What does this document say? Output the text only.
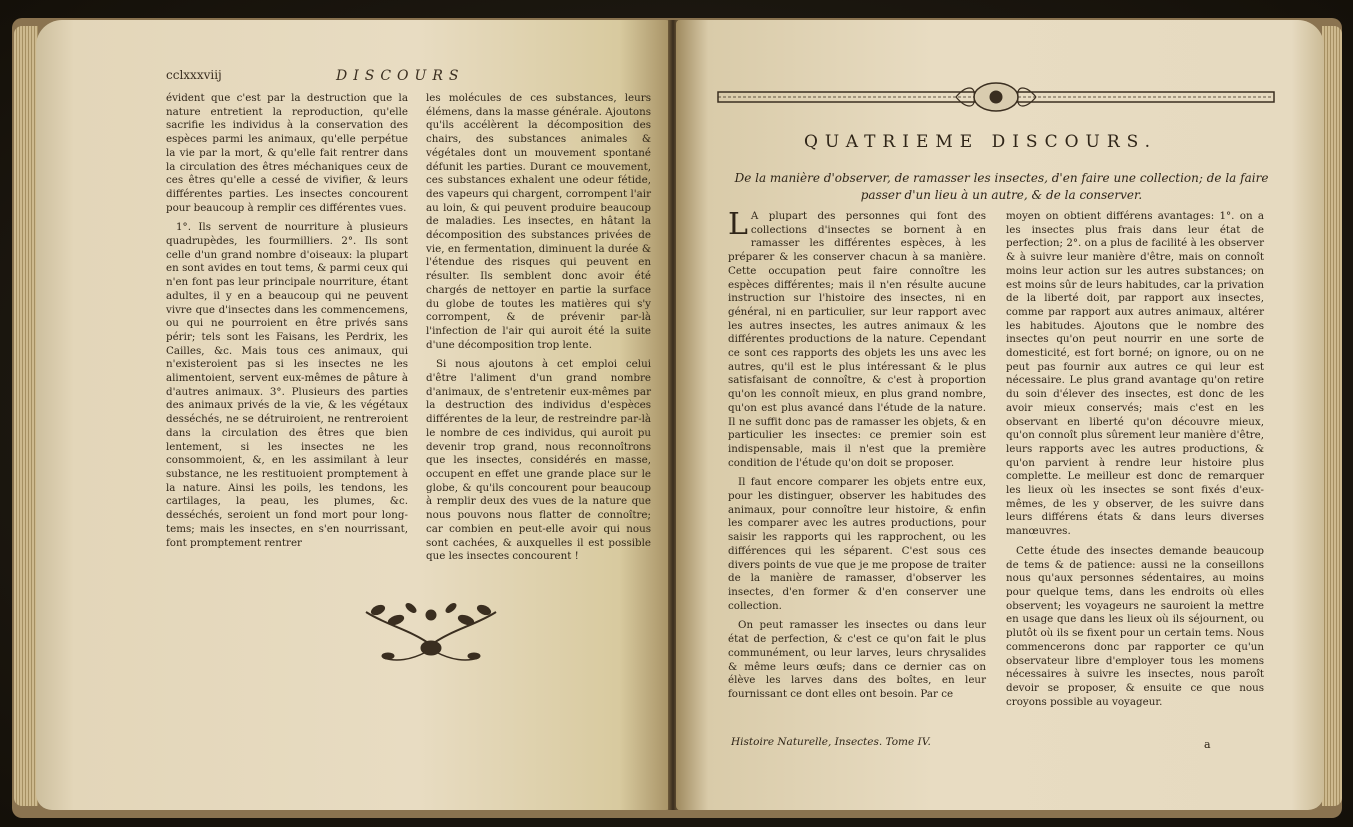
cclxxxviij	DISCOURS

évident que c'est par la destruction que la nature entretient la reproduction, qu'elle sacrifie les individus à la conservation des espèces parmi les animaux, qu'elle perpétue la vie par la mort, & qu'elle fait rentrer dans la circulation des êtres méchaniques ceux de ces êtres qu'elle a cessé de vivifier, & leurs différentes parties. Les insectes concourent pour beaucoup à remplir ces différentes vues.

1°. Ils servent de nourriture à plusieurs quadrupèdes, les fourmilliers. 2°. Ils sont celle d'un grand nombre d'oiseaux: la plupart en sont avides en tout tems, & parmi ceux qui n'en font pas leur principale nourriture, étant adultes, il y en a beaucoup qui ne peuvent vivre que d'insectes dans les commencemens, ou qui ne pourroient en être privés sans périr; tels sont les Faisans, les Perdrix, les Cailles, &c. Mais tous ces animaux, qui n'existeroient pas si les insectes ne les alimentoient, servent eux-mêmes de pâture à d'autres animaux. 3°. Plusieurs des parties des animaux privés de la vie, & les végétaux desséchés, ne se détruiroient, ne rentreroient dans la circulation des êtres que bien lentement, si les insectes ne les consommoient, &, en les assimilant à leur substance, ne les restituoient promptement à la nature. Ainsi les poils, les tendons, les cartilages, la peau, les plumes, &c. desséchés, seroient un fond mort pour long-tems; mais les insectes, en s'en nourrissant, font promptement rentrer

les molécules de ces substances, leurs élémens, dans la masse générale. Ajoutons qu'ils accélèrent la décomposition des chairs, des substances animales & végétales dont un mouvement spontané défunit les parties. Durant ce mouvement, ces substances exhalent une odeur fétide, des vapeurs qui chargent, corrompent l'air au loin, & qui peuvent produire beaucoup de maladies. Les insectes, en hâtant la décomposition des substances privées de vie, en fermentation, diminuent la durée & l'étendue des risques qui peuvent en résulter. Ils semblent donc avoir été chargés de nettoyer en partie la surface du globe de toutes les matières qui s'y corrompent, & de prévenir par-là l'infection de l'air qui auroit été la suite d'une décomposition trop lente.

Si nous ajoutons à cet emploi celui d'être l'aliment d'un grand nombre d'animaux, de s'entretenir eux-mêmes par la destruction des individus d'espèces différentes de la leur, de restreindre par-là le nombre de ces individus, qui auroit pu devenir trop grand, nous reconnoîtrons que les insectes, considérés en masse, occupent en effet une grande place sur le globe, & qu'ils concourent pour beaucoup à remplir deux des vues de la nature que nous pouvons nous flatter de connoître; car combien en peut-elle avoir qui nous sont cachées, & auxquelles il est possible que les insectes concourent !

QUATRIEME DISCOURS.

De la manière d'observer, de ramasser les insectes, d'en faire une collection; de la faire passer d'un lieu à un autre, & de la conserver.

L A plupart des personnes qui font des collections d'insectes se bornent à en ramasser les différentes espèces, à les préparer & les conserver chacun à sa manière. Cette occupation peut faire connoître les espèces différentes; mais il n'en résulte aucune instruction sur l'histoire des insectes, ni en général, ni en particulier, sur leur rapport avec les autres insectes, les autres animaux & les différentes productions de la nature. Cependant ce sont ces rapports des objets les uns avec les autres, qu'il est le plus intéressant & le plus satisfaisant de connoître, & c'est à proportion qu'on les connoît mieux, en plus grand nombre, qu'on est plus avancé dans l'étude de la nature. Il ne suffit donc pas de ramasser les objets, & en particulier les insectes: ce premier soin est indispensable, mais il n'est que la première condition de l'étude qu'on doit se proposer.

Il faut encore comparer les objets entre eux, pour les distinguer, observer les habitudes des animaux, pour connoître leur histoire, & enfin les comparer avec les autres productions, pour saisir les rapports qui les rapprochent, ou les différences qui les séparent. C'est sous ces divers points de vue que je me propose de traiter de la manière de ramasser, d'observer les insectes, d'en former & d'en conserver une collection.

On peut ramasser les insectes ou dans leur état de perfection, & c'est ce qu'on fait le plus communément, ou leur larves, leurs chrysalides & même leurs œufs; dans ce dernier cas on élève les larves dans des boîtes, en leur fournissant ce dont elles ont besoin. Par ce

moyen on obtient différens avantages: 1°. on a les insectes plus frais dans leur état de perfection; 2°. on a plus de facilité à les observer & à suivre leur manière d'être, mais on connoît moins leur action sur les autres substances; on est moins sûr de leurs habitudes, car la privation de la liberté doit, par rapport aux insectes, comme par rapport aux autres animaux, altérer les habitudes. Ajoutons que le nombre des insectes qu'on peut nourrir en une sorte de domesticité, est fort borné; on ignore, ou on ne peut pas fournir aux autres ce qui leur est nécessaire. Le plus grand avantage qu'on retire du soin d'élever des insectes, est donc de les avoir mieux conservés; mais c'est en les observant en liberté qu'on découvre mieux, qu'on connoît plus sûrement leur manière d'être, leurs rapports avec les autres productions, & qu'on parvient à rendre leur histoire plus complette. Le meilleur est donc de remarquer les lieux où les insectes se sont fixés d'eux-mêmes, de les y observer, de les suivre dans leurs différens états & dans leurs diverses manœuvres.

Cette étude des insectes demande beaucoup de tems & de patience: aussi ne la conseillons nous qu'aux personnes sédentaires, au moins pour quelque tems, dans les endroits où elles observent; les voyageurs ne sauroient la mettre en usage que dans les lieux où ils séjournent, ou plutôt où ils se fixent pour un certain tems. Nous commencerons donc par rapporter ce qu'un observateur libre d'employer tous les momens nécessaires à suivre les insectes, nous paroît devoir se proposer, & ensuite ce que nous croyons possible au voyageur.

Histoire Naturelle, Insectes. Tome IV.	a
